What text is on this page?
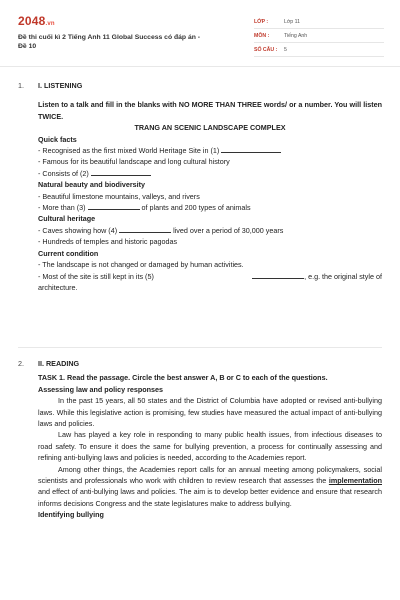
2048.vn
Đề thi cuối kì 2 Tiếng Anh 11 Global Success có đáp án -
Đề 10
LỚP :	Lớp 11
MÔN :	Tiếng Anh
SỐ CÂU :	5
1. I. LISTENING
Listen to a talk and fill in the blanks with NO MORE THAN THREE words/ or a number. You will listen TWICE.
TRANG AN SCENIC LANDSCAPE COMPLEX
Quick facts
- Recognised as the first mixed World Heritage Site in (1)
- Famous for its beautiful landscape and long cultural history
- Consists of (2)
Natural beauty and biodiversity
- Beautiful limestone mountains, valleys, and rivers
- More than (3)	of plants and 200 types of animals
Cultural heritage
- Caves showing how (4)	lived over a period of 30,000 years
- Hundreds of temples and historic pagodas
Current condition
- The landscape is not changed or damaged by human activities.
- Most of the site is still kept in its (5)	, e.g. the original style of
architecture.
2. II. READING
TASK 1. Read the passage. Circle the best answer A, B or C to each of the questions.
Assessing law and policy responses
In the past 15 years, all 50 states and the District of Columbia have adopted or revised anti-bullying laws. While this legislative action is promising, few studies have measured the actual impact of anti-bullying laws and policies.
Law has played a key role in responding to many public health issues, from infectious diseases to road safety. To ensure it does the same for bullying prevention, a process for continually assessing and refining anti-bullying laws and policies is needed, according to the Academies report.
Among other things, the Academies report calls for an annual meeting among policymakers, social scientists and professionals who work with children to review research that assesses the implementation and effect of anti-bullying laws and policies. The aim is to develop better evidence and ensure that research informs decisions Congress and the state legislatures make to address bullying.
Identifying bullying
